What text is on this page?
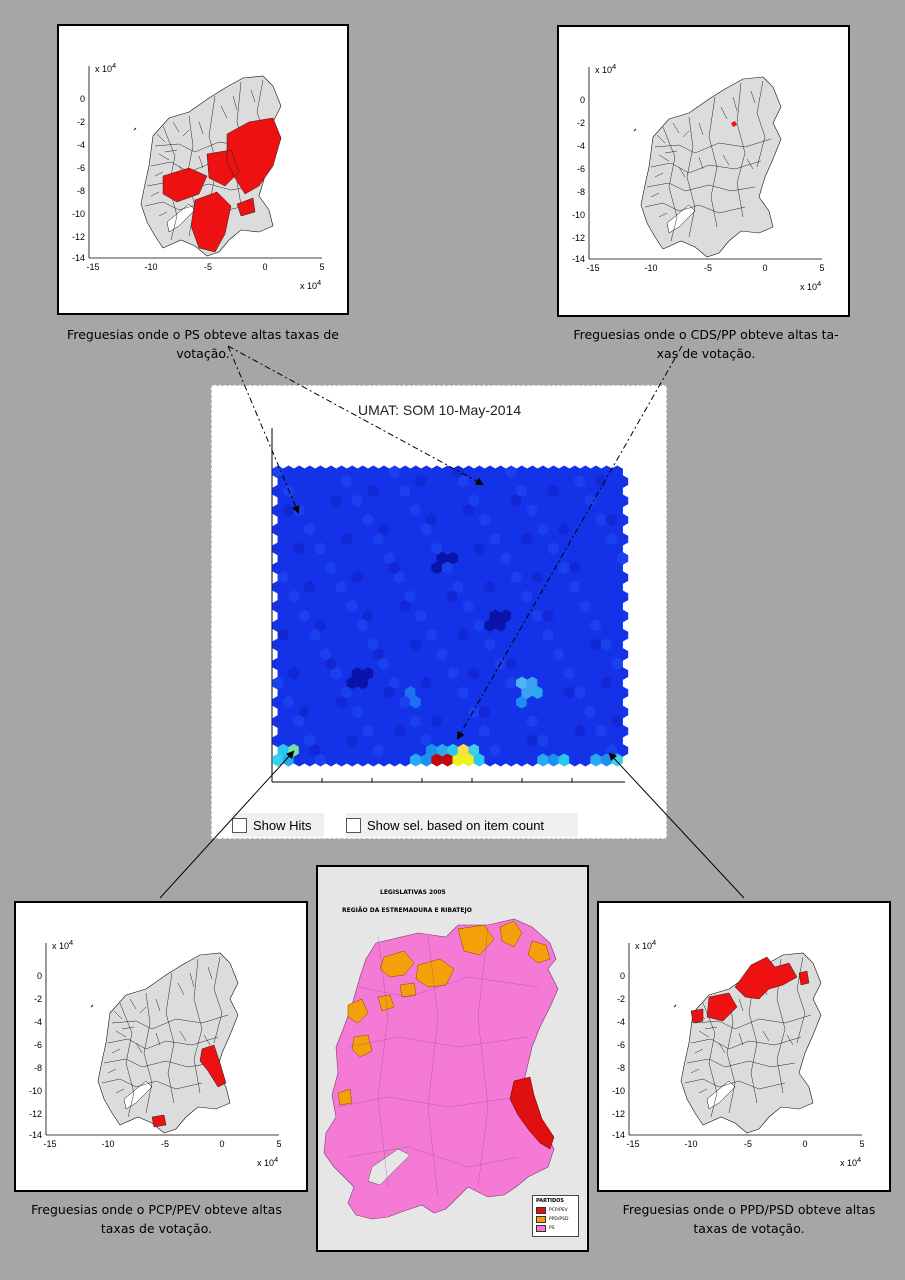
x $10^4$
x $10^4$
Freguesias onde o PS obteve altas taxas de
votação.
x $10^4$
x $10^4$
Freguesias onde o CDS/PP obteve altas ta-
xas de votação.
UMAT: SOM 10-May-2014
Show Hits	Show sel. based on item count
x $10^4$
x $10^4$
Freguesias onde o PCP/PEV obteve altas
taxas de votação.
x $10^4$
x $10^4$
Freguesias onde o PPD/PSD obteve altas
taxas de votação.
LEGISLATIVAS 2005
REGIÃO DA ESTREMADURA E RIBATEJO
PARTIDOS
PCP/PEV
PPD/PSD
PS
